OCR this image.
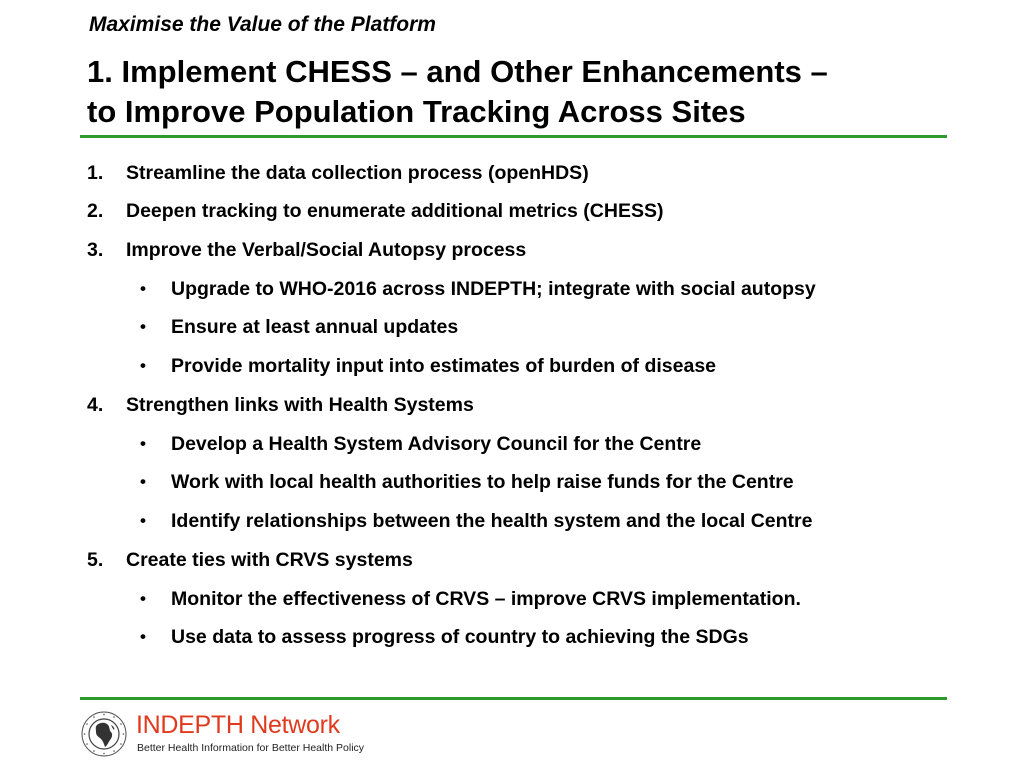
Maximise the Value of the Platform
1. Implement CHESS – and Other Enhancements –
to Improve Population Tracking Across Sites
1. Streamline the data collection process (openHDS)
2. Deepen tracking to enumerate additional metrics (CHESS)
3. Improve the Verbal/Social Autopsy process
• Upgrade to WHO-2016 across INDEPTH; integrate with social autopsy
• Ensure at least annual updates
• Provide mortality input into estimates of burden of disease
4. Strengthen links with Health Systems
• Develop a Health System Advisory Council for the Centre
• Work with local health authorities to help raise funds for the Centre
• Identify relationships between the health system and the local Centre
5. Create ties with CRVS systems
• Monitor the effectiveness of CRVS – improve CRVS implementation.
• Use data to assess progress of country to achieving the SDGs
INDEPTH Network
Better Health Information for Better Health Policy
